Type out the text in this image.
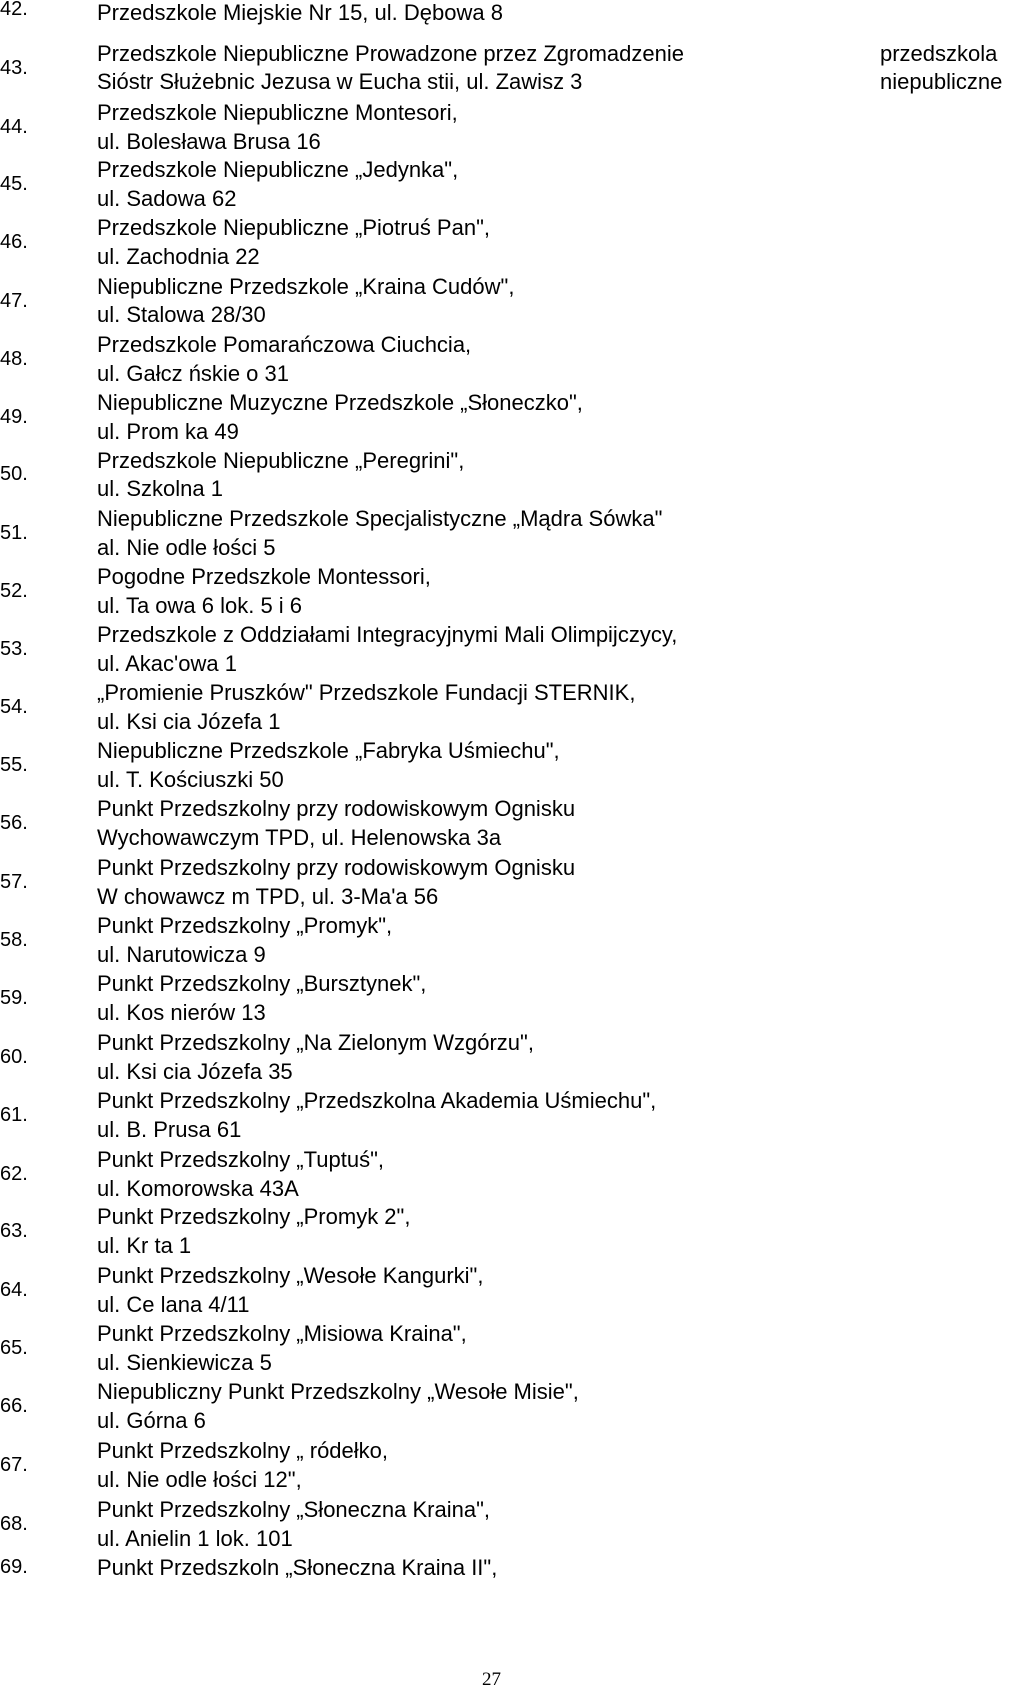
42.	Przedszkole Miejskie Nr 15, ul. Dębowa 8
43.
Przedszkole Niepubliczne Prowadzone przez Zgromadzenie
Sióstr Służebnic Jezusa w Eucha stii, ul. Zawisz 3
przedszkola
niepubliczne
44.
Przedszkole Niepubliczne Montesori,
ul. Bolesława Brusa 16
45.
Przedszkole Niepubliczne „Jedynka",
ul. Sadowa 62
46.
Przedszkole Niepubliczne „Piotruś Pan",
ul. Zachodnia 22
47.
Niepubliczne Przedszkole „Kraina Cudów",
ul. Stalowa 28/30
48.
Przedszkole Pomarańczowa Ciuchcia,
ul. Gałcz ńskie o 31
49.
Niepubliczne Muzyczne Przedszkole „Słoneczko",
ul. Prom ka 49
50.
Przedszkole Niepubliczne „Peregrini",
ul. Szkolna 1
51.
Niepubliczne Przedszkole Specjalistyczne „Mądra Sówka"
al. Nie odle łości 5
52.
Pogodne Przedszkole Montessori,
ul. Ta owa 6 lok. 5 i 6
53.
Przedszkole z Oddziałami Integracyjnymi Mali Olimpijczycy,
ul. Akac'owa 1
54.
„Promienie Pruszków" Przedszkole Fundacji STERNIK,
ul. Ksi cia Józefa 1
55.
Niepubliczne Przedszkole „Fabryka Uśmiechu",
ul. T. Kościuszki 50
56.
Punkt Przedszkolny przy rodowiskowym Ognisku
Wychowawczym TPD, ul. Helenowska 3a
57.
Punkt Przedszkolny przy rodowiskowym Ognisku
W chowawcz m TPD, ul. 3-Ma'a 56
58.
Punkt Przedszkolny „Promyk",
ul. Narutowicza 9
59.
Punkt Przedszkolny „Bursztynek",
ul. Kos nierów 13
60.
Punkt Przedszkolny „Na Zielonym Wzgórzu",
ul. Ksi cia Józefa 35
61.
Punkt Przedszkolny „Przedszkolna Akademia Uśmiechu",
ul. B. Prusa 61
62.
Punkt Przedszkolny „Tuptuś",
ul. Komorowska 43A
63.
Punkt Przedszkolny „Promyk 2",
ul. Kr ta 1
64.
Punkt Przedszkolny „Wesołe Kangurki",
ul. Ce lana 4/11
65.
Punkt Przedszkolny „Misiowa Kraina",
ul. Sienkiewicza 5
66.
Niepubliczny Punkt Przedszkolny „Wesołe Misie",
ul. Górna 6
67.
Punkt Przedszkolny „ ródełko,
ul. Nie odle łości 12",
68.
Punkt Przedszkolny „Słoneczna Kraina",
ul. Anielin 1 lok. 101
69.	Punkt Przedszkoln „Słoneczna Kraina II",
27
